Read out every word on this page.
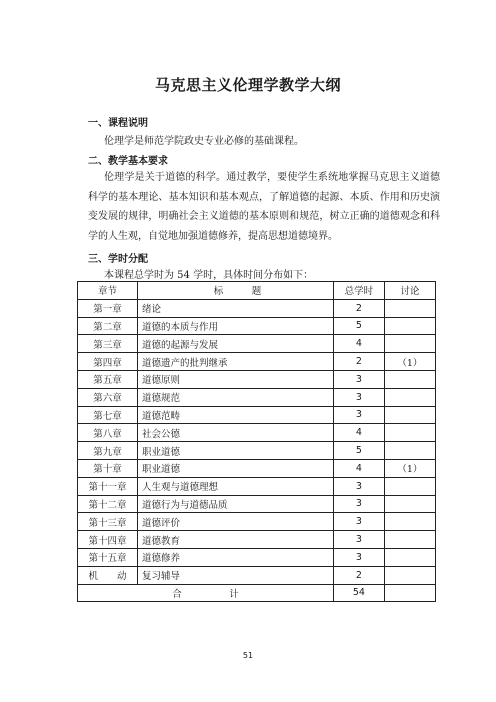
马克思主义伦理学教学大纲
一、课程说明
伦理学是师范学院政史专业必修的基础课程。
二、教学基本要求
伦理学是关于道德的科学。通过教学，要使学生系统地掌握马克思主义道德科学的基本理论、基本知识和基本观点，了解道德的起源、本质、作用和历史演变发展的规律，明确社会主义道德的基本原则和规范，树立正确的道德观念和科学的人生观，自觉地加强道德修养，提高思想道德境界。
三、学时分配
本课程总学时为 54 学时，具体时间分布如下：
章节	标　　　题	总学时	讨论
第一章	绪论	2	
第二章	道德的本质与作用	5	
第三章	道德的起源与发展	4	
第四章	道德遗产的批判继承	2	（1）
第五章	道德原则	3	
第六章	道德规范	3	
第七章	道德范畴	3	
第八章	社会公德	4	
第九章	职业道德	5	
第十章	职业道德	4	（1）
第十一章	人生观与道德理想	3	
第十二章	道德行为与道德品质	3	
第十三章	道德评价	3	
第十四章	道德教育	3	
第十五章	道德修养	3	
机　　动	复习辅导	2	
合　　　　　计		54	
51
